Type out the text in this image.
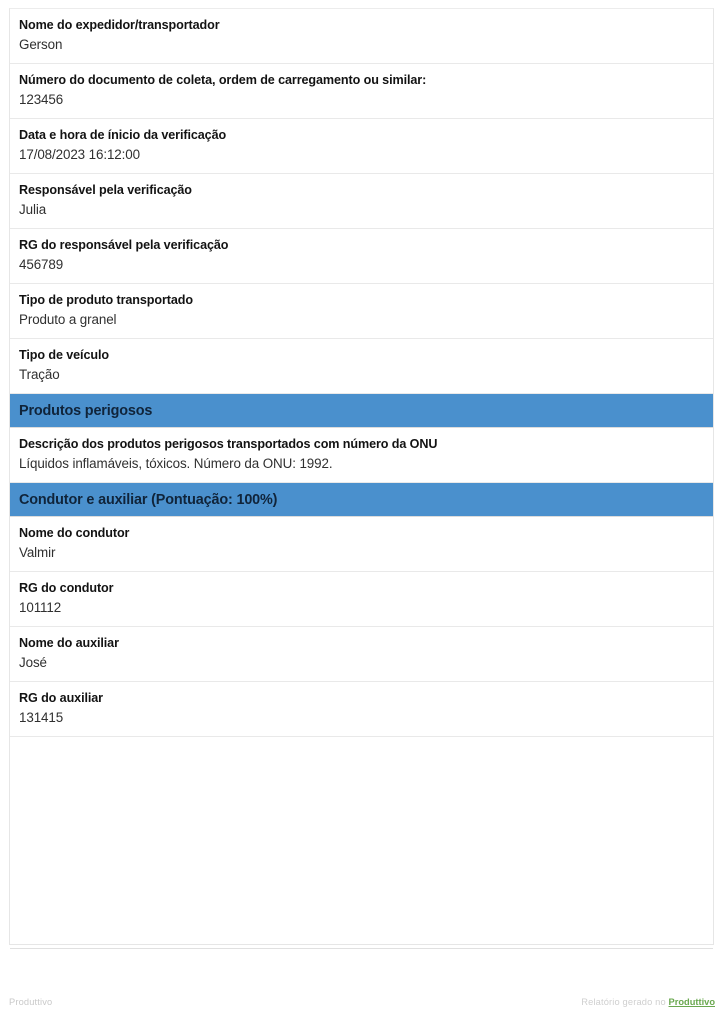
Nome do expedidor/transportador
Gerson
Número do documento de coleta, ordem de carregamento ou similar:
123456
Data e hora de ínicio da verificação
17/08/2023 16:12:00
Responsável pela verificação
Julia
RG do responsável pela verificação
456789
Tipo de produto transportado
Produto a granel
Tipo de veículo
Tração
Produtos perigosos
Descrição dos produtos perigosos transportados com número da ONU
Líquidos inflamáveis, tóxicos. Número da ONU: 1992.
Condutor e auxiliar (Pontuação: 100%)
Nome do condutor
Valmir
RG do condutor
101112
Nome do auxiliar
José
RG do auxiliar
131415
Produttivo	Relatório gerado no Produttivo
